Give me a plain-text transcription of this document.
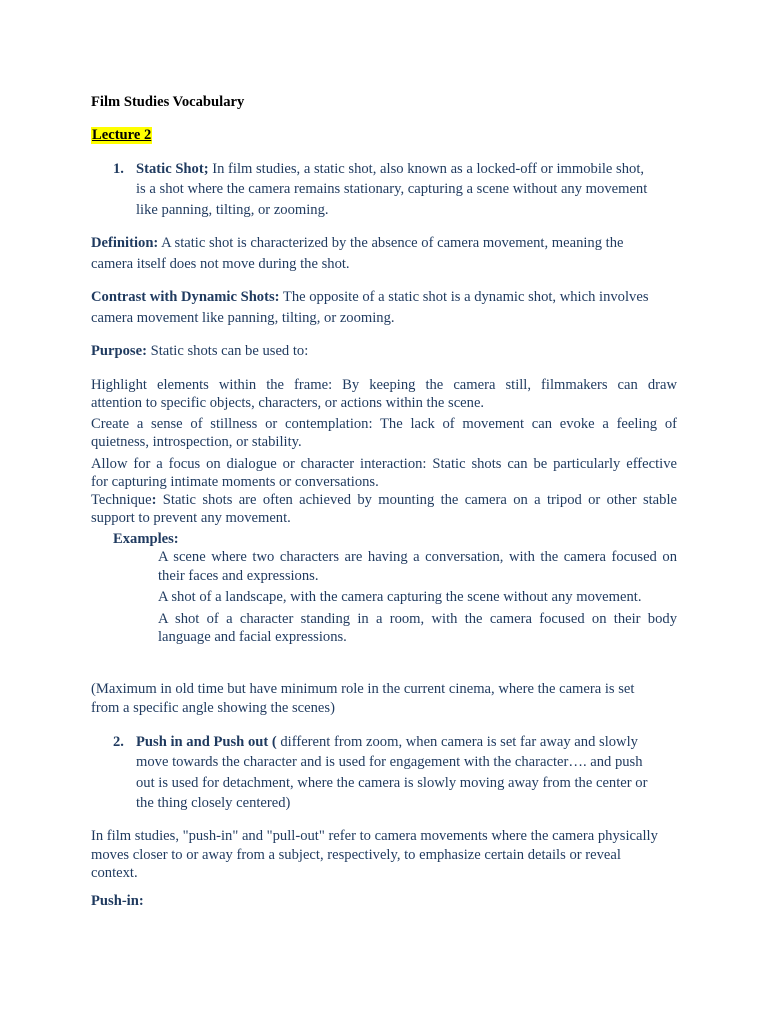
Film Studies Vocabulary
Lecture 2
1. Static Shot; In film studies, a static shot, also known as a locked-off or immobile shot,
is a shot where the camera remains stationary, capturing a scene without any movement
like panning, tilting, or zooming.
Definition: A static shot is characterized by the absence of camera movement, meaning the
camera itself does not move during the shot.
Contrast with Dynamic Shots: The opposite of a static shot is a dynamic shot, which involves
camera movement like panning, tilting, or zooming.
Purpose: Static shots can be used to:
Highlight elements within the frame: By keeping the camera still, filmmakers can draw
attention to specific objects, characters, or actions within the scene.
Create a sense of stillness or contemplation: The lack of movement can evoke a feeling of
quietness, introspection, or stability.
Allow for a focus on dialogue or character interaction: Static shots can be particularly effective
for capturing intimate moments or conversations.
Technique: Static shots are often achieved by mounting the camera on a tripod or other stable
support to prevent any movement.
Examples:
A scene where two characters are having a conversation, with the camera focused on
their faces and expressions.
A shot of a landscape, with the camera capturing the scene without any movement.
A shot of a character standing in a room, with the camera focused on their body
language and facial expressions.
(Maximum in old time but have minimum role in the current cinema, where the camera is set
from a specific angle showing the scenes)
2. Push in and Push out ( different from zoom, when camera is set far away and slowly
move towards the character and is used for engagement with the character…. and push
out is used for detachment, where the camera is slowly moving away from the center or
the thing closely centered)
In film studies, "push-in" and "pull-out" refer to camera movements where the camera physically
moves closer to or away from a subject, respectively, to emphasize certain details or reveal
context.
Push-in:
